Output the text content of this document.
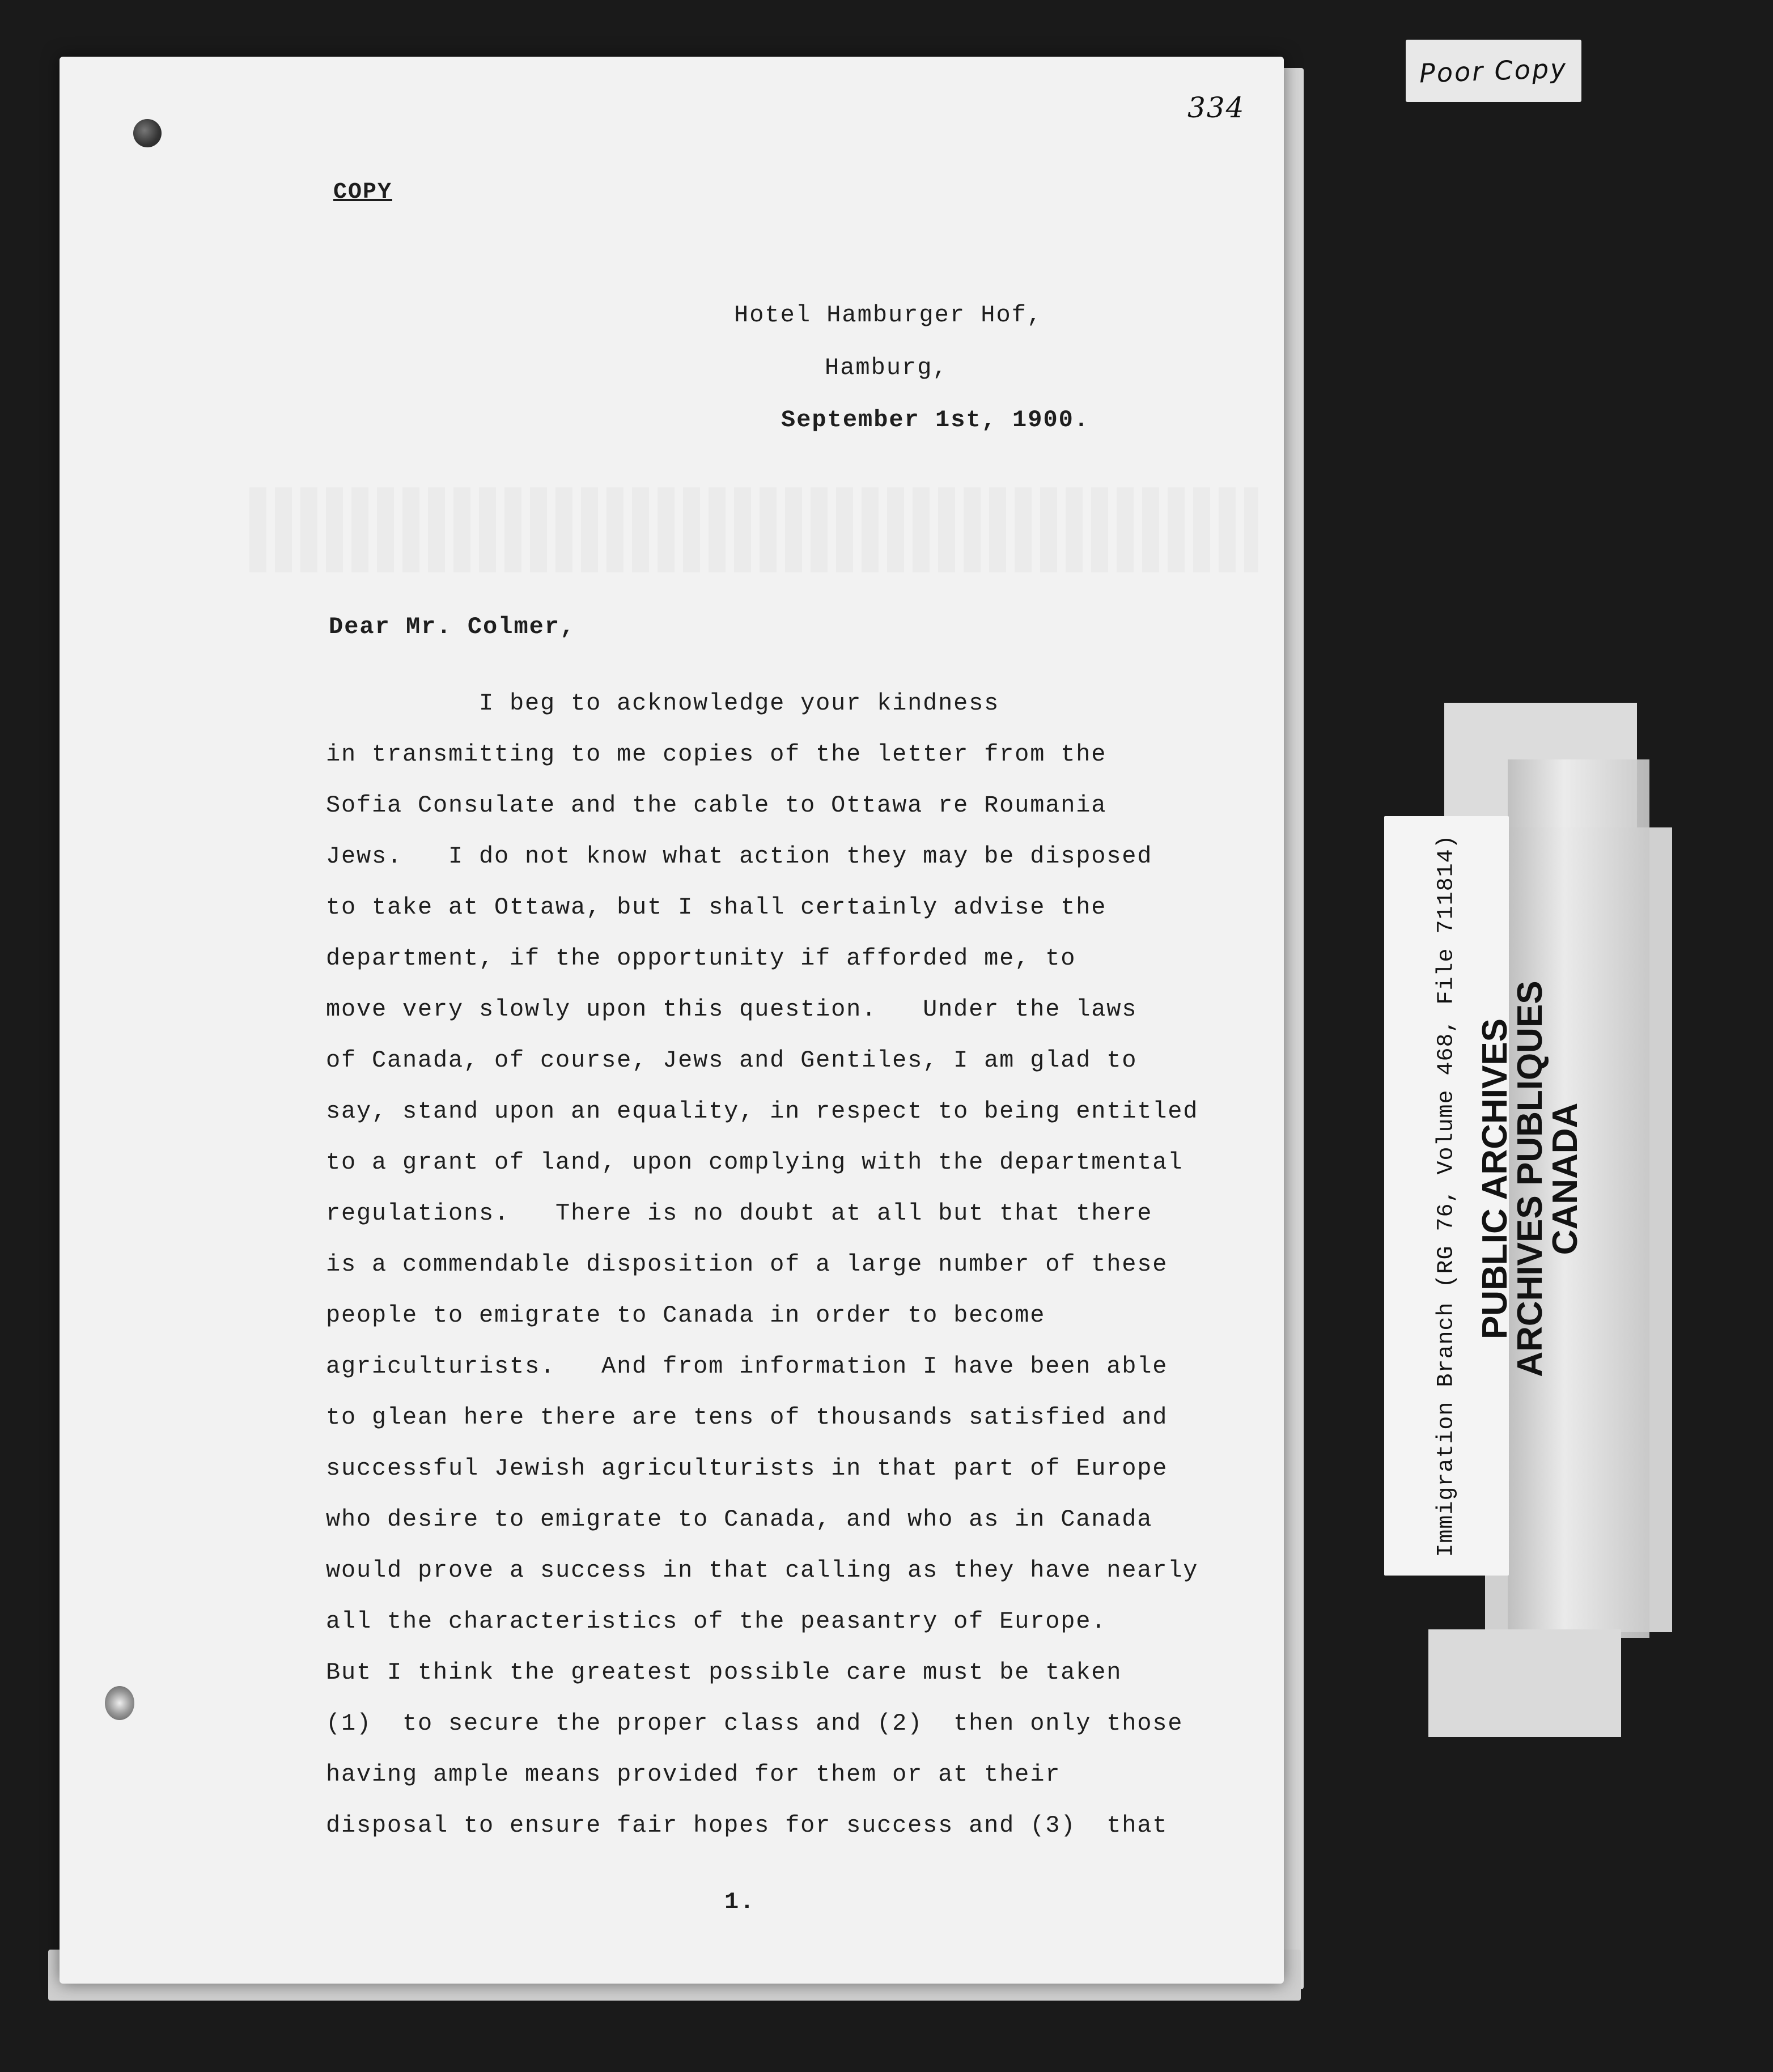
COPY
334
Hotel Hamburger Hof,
Hamburg,
September 1st, 1900.
Dear Mr. Colmer,
I beg to acknowledge your kindness
in transmitting to me copies of the letter from the
Sofia Consulate and the cable to Ottawa re Roumania
Jews.   I do not know what action they may be disposed
to take at Ottawa, but I shall certainly advise the
department, if the opportunity if afforded me, to
move very slowly upon this question.   Under the laws
of Canada, of course, Jews and Gentiles, I am glad to
say, stand upon an equality, in respect to being entitled
to a grant of land, upon complying with the departmental
regulations.   There is no doubt at all but that there
is a commendable disposition of a large number of these
people to emigrate to Canada in order to become
agriculturists.   And from information I have been able
to glean here there are tens of thousands satisfied and
successful Jewish agriculturists in that part of Europe
who desire to emigrate to Canada, and who as in Canada
would prove a success in that calling as they have nearly
all the characteristics of the peasantry of Europe.
But I think the greatest possible care must be taken
(1)  to secure the proper class and (2)  then only those
having ample means provided for them or at their
disposal to ensure fair hopes for success and (3)  that
1.
Poor Copy
Immigration Branch (RG 76, Volume 468, File 711814) PUBLIC ARCHIVES
ARCHIVES PUBLIQUES
CANADA
